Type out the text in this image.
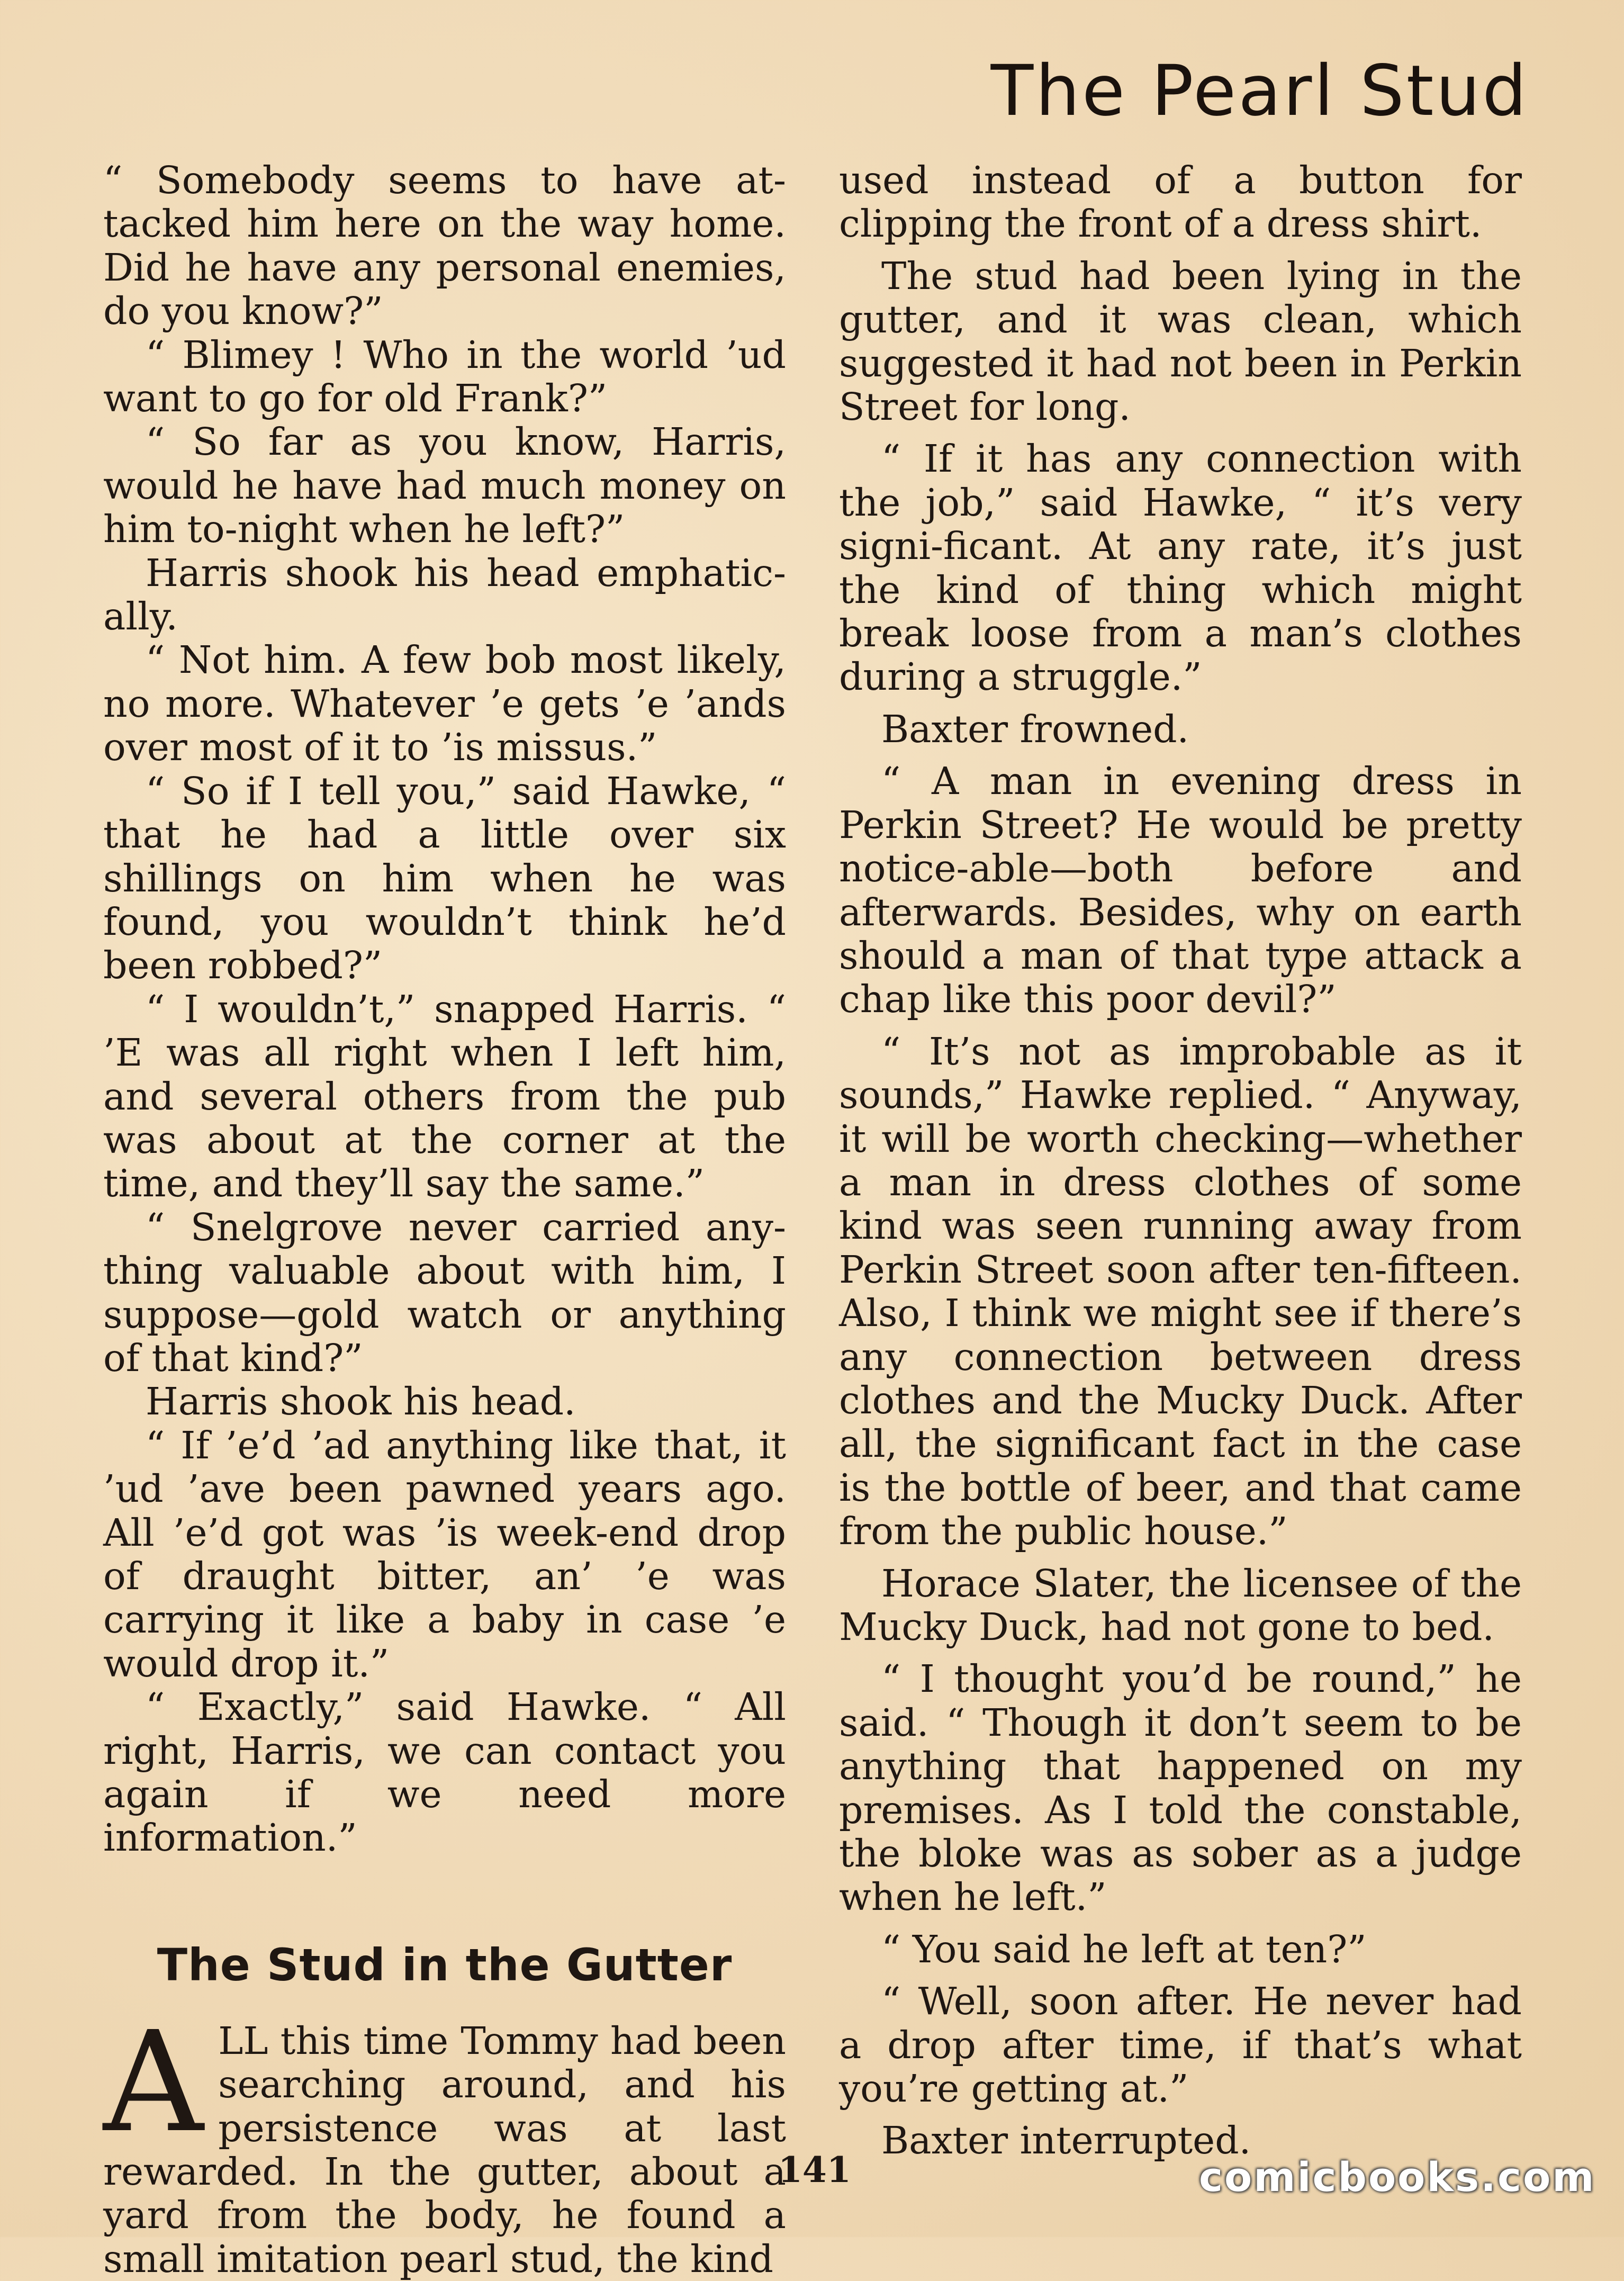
The Pearl Stud

“ Somebody seems to have at-tacked him here on the way home. Did he have any personal enemies, do you know?”

“ Blimey ! Who in the world ’ud want to go for old Frank?”

“ So far as you know, Harris, would he have had much money on him to-night when he left?”

Harris shook his head emphatic-ally.

“ Not him. A few bob most likely, no more. Whatever ’e gets ’e ’ands over most of it to ’is missus.”

“ So if I tell you,” said Hawke, “ that he had a little over six shillings on him when he was found, you wouldn’t think he’d been robbed?”

“ I wouldn’t,” snapped Harris. “ ’E was all right when I left him, and several others from the pub was about at the corner at the time, and they’ll say the same.”

“ Snelgrove never carried any-thing valuable about with him, I suppose—gold watch or anything of that kind?”

Harris shook his head.

“ If ’e’d ’ad anything like that, it ’ud ’ave been pawned years ago. All ’e’d got was ’is week-end drop of draught bitter, an’ ’e was carrying it like a baby in case ’e would drop it.”

“ Exactly,” said Hawke. “ All right, Harris, we can contact you again if we need more information.”

The Stud in the Gutter

ALL this time Tommy had been searching around, and his persistence was at last rewarded. In the gutter, about a yard from the body, he found a small imitation pearl stud, the kind

used instead of a button for clipping the front of a dress shirt.

The stud had been lying in the gutter, and it was clean, which suggested it had not been in Perkin Street for long.

“ If it has any connection with the job,” said Hawke, “ it’s very signi-ficant. At any rate, it’s just the kind of thing which might break loose from a man’s clothes during a struggle.”

Baxter frowned.

“ A man in evening dress in Perkin Street? He would be pretty notice-able—both before and afterwards. Besides, why on earth should a man of that type attack a chap like this poor devil?”

“ It’s not as improbable as it sounds,” Hawke replied. “ Anyway, it will be worth checking—whether a man in dress clothes of some kind was seen running away from Perkin Street soon after ten-fifteen. Also, I think we might see if there’s any connection between dress clothes and the Mucky Duck. After all, the significant fact in the case is the bottle of beer, and that came from the public house.”

Horace Slater, the licensee of the Mucky Duck, had not gone to bed.

“ I thought you’d be round,” he said. “ Though it don’t seem to be anything that happened on my premises. As I told the constable, the bloke was as sober as a judge when he left.”

“ You said he left at ten?”

“ Well, soon after. He never had a drop after time, if that’s what you’re getting at.”

Baxter interrupted.

141	comicbooks.com
